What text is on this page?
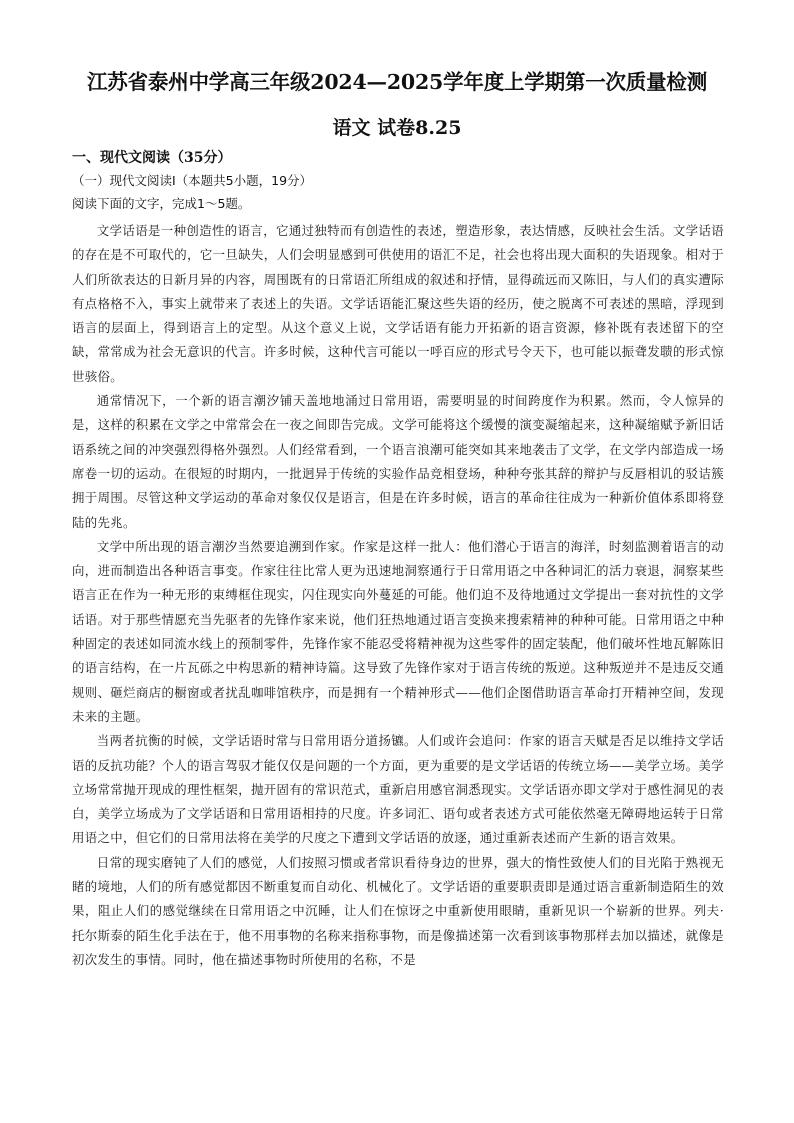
江苏省泰州中学高三年级2024—2025学年度上学期第一次质量检测
语文 试卷8.25
一、现代文阅读（35分）
（一）现代文阅读Ⅰ（本题共5小题，19分）
阅读下面的文字，完成1～5题。

文学话语是一种创造性的语言，它通过独特而有创造性的表述，塑造形象，表达情感，反映社会生活。文学话语的存在是不可取代的，它一旦缺失，人们会明显感到可供使用的语汇不足，社会也将出现大面积的失语现象。相对于人们所欲表达的日新月异的内容，周围既有的日常语汇所组成的叙述和抒情，显得疏远而又陈旧，与人们的真实遭际有点格格不入，事实上就带来了表述上的失语。文学话语能汇聚这些失语的经历，使之脱离不可表述的黑暗，浮现到语言的层面上，得到语言上的定型。从这个意义上说，文学话语有能力开拓新的语言资源，修补既有表述留下的空缺，常常成为社会无意识的代言。许多时候，这种代言可能以一呼百应的形式号令天下，也可能以振聋发聩的形式惊世骇俗。

通常情况下，一个新的语言潮汐铺天盖地地涌过日常用语，需要明显的时间跨度作为积累。然而，令人惊异的是，这样的积累在文学之中常常会在一夜之间即告完成。文学可能将这个缓慢的演变凝缩起来，这种凝缩赋予新旧话语系统之间的冲突强烈得格外强烈。人们经常看到，一个语言浪潮可能突如其来地袭击了文学，在文学内部造成一场席卷一切的运动。在很短的时期内，一批迥异于传统的实验作品竞相登场，种种夸张其辞的辩护与反唇相讥的驳诘簇拥于周围。尽管这种文学运动的革命对象仅仅是语言，但是在许多时候，语言的革命往往成为一种新价值体系即将登陆的先兆。

文学中所出现的语言潮汐当然要追溯到作家。作家是这样一批人：他们潜心于语言的海洋，时刻监测着语言的动向，进而制造出各种语言事变。作家往往比常人更为迅速地洞察通行于日常用语之中各种词汇的活力衰退，洞察某些语言正在作为一种无形的束缚框住现实，闪住现实向外蔓延的可能。他们迫不及待地通过文学提出一套对抗性的文学话语。对于那些情愿充当先驱者的先锋作家来说，他们狂热地通过语言变换来搜索精神的种种可能。日常用语之中种种固定的表述如同流水线上的预制零件，先锋作家不能忍受将精神视为这些零件的固定装配，他们破坏性地瓦解陈旧的语言结构，在一片瓦砾之中构思新的精神诗篇。这导致了先锋作家对于语言传统的叛逆。这种叛逆并不是违反交通规则、砸烂商店的橱窗或者扰乱咖啡馆秩序，而是拥有一个精神形式——他们企图借助语言革命打开精神空间，发现未来的主题。

当两者抗衡的时候，文学话语时常与日常用语分道扬镳。人们或许会追问：作家的语言天赋是否足以维持文学话语的反抗功能？个人的语言驾驭才能仅仅是问题的一个方面，更为重要的是文学话语的传统立场——美学立场。美学立场常常抛开现成的理性框架，抛开固有的常识范式，重新启用感官洞悉现实。文学话语亦即文学对于感性洞见的表白，美学立场成为了文学话语和日常用语相持的尺度。许多词汇、语句或者表述方式可能依然毫无障碍地运转于日常用语之中，但它们的日常用法将在美学的尺度之下遭到文学话语的放逐，通过重新表述而产生新的语言效果。

日常的现实磨钝了人们的感觉，人们按照习惯或者常识看待身边的世界，强大的惰性致使人们的目光陷于熟视无睹的境地，人们的所有感觉都因不断重复而自动化、机械化了。文学话语的重要职责即是通过语言重新制造陌生的效果，阻止人们的感觉继续在日常用语之中沉睡，让人们在惊讶之中重新使用眼睛，重新见识一个崭新的世界。列夫·托尔斯泰的陌生化手法在于，他不用事物的名称来指称事物，而是像描述第一次看到该事物那样去加以描述，就像是初次发生的事情。同时，他在描述事物时所使用的名称，不是
